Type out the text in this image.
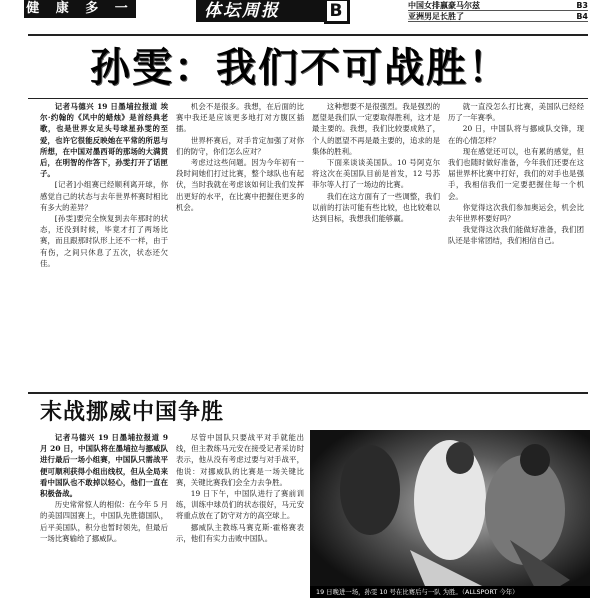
健 康 多 一 点
体坛周报	B	中国女排嬴豪马尔兹	B3
亚洲男足长胜了	B4
孙雯：我们不可战胜！

记者马德兴 19 日墨埔拉报道 埃尔·约翰的《风中的蜡烛》是首经典老歌，也是世界女足头号球星孙雯的至爱，也许它很能反映她在平常的所思与所想，在中国对墨西哥的那场的大满贯后，在明智的作答下，孙雯打开了话匣子。

[记者]小组赛已经顺利离开球，你感觉自己的状态与去年世界杯赛时相比有多大的差异？

[孙雯]要完全恢复到去年那时的状态，还没到时候，毕竟才打了两场比赛，而且跟那时队形上还不一样，由于有伤，之间只休息了五次，状态还欠佳。

机会不是很多。我想，在后面的比赛中我还是应该更多地打对方腹区插擂。

世界杯赛后，对手肯定加强了对你们的防守，你们怎么应对？

考虑过这些问题。因为今年初有一段时间她们打过比赛，整个球队也有起伏，当时我就在考虑该如何让我们发挥出更好的水平，在比赛中把握住更多的机会。

这种想要不是很强烈。我是强烈的愿望是我们队一定要取得胜利，这才是最主要的。我想，我们比较要成熟了，个人的愿望不再是最主要的，追求的是集体的胜利。

下面来谈谈美国队。10 号阿克尔将这次在美国队目前是首发，12 号苏菲尔等人打了一场边的比赛。

我们在这方面有了一些调整，我们以前的打法可能有些比较，也比较难以达到目标，我想我们能够赢。

就一直没怎么打比赛，美国队已经经历了一年赛季。

20 日，中国队将与挪威队交锋，现在的心情怎样？

现在感觉还可以，也有累的感觉，但我们也随时做好准备，今年我们还要在这届世界杯比赛中打好，我们的对手也是强手，我相信我们一定要把握住每一个机会。

你觉得这次我们参加奥运会，机会比去年世界杯要好吗？

我觉得这次我们能做好准备，我们团队还是非常团结，我们相信自己。

末战挪威中国争胜

记者马德兴 19 日墨埔拉报道 9 月 20 日，中国队将在墨埔拉与挪威队进行最后一场小组赛，中国队只需战平便可顺利获得小组出线权，但从全局来看中国队也不敢掉以轻心，他们一直在积极备战。

历史常常惊人的相似：在今年 5 月的美国四国赛上，中国队先胜德国队，后平美国队，积分也暂时领先，但最后一场比赛输给了挪威队。

尽管中国队只要战平对手就能出线，但主教练马元安在接受记者采访时表示，他从没有考虑过要与对手战平，他说：对挪威队的比赛是一场关键比赛，关键比赛我们会全力去争胜。

19 日下午，中国队进行了赛前训练，训练中球员们的状态很好，马元安将重点放在了防守对方的高空球上。

挪威队主教练马赛克斯·霍格赛表示，他们有实力击败中国队。

19 日晚进一场，孙雯 10 号在比赛后与一队 为胜。（ALLSPORT 今年）
